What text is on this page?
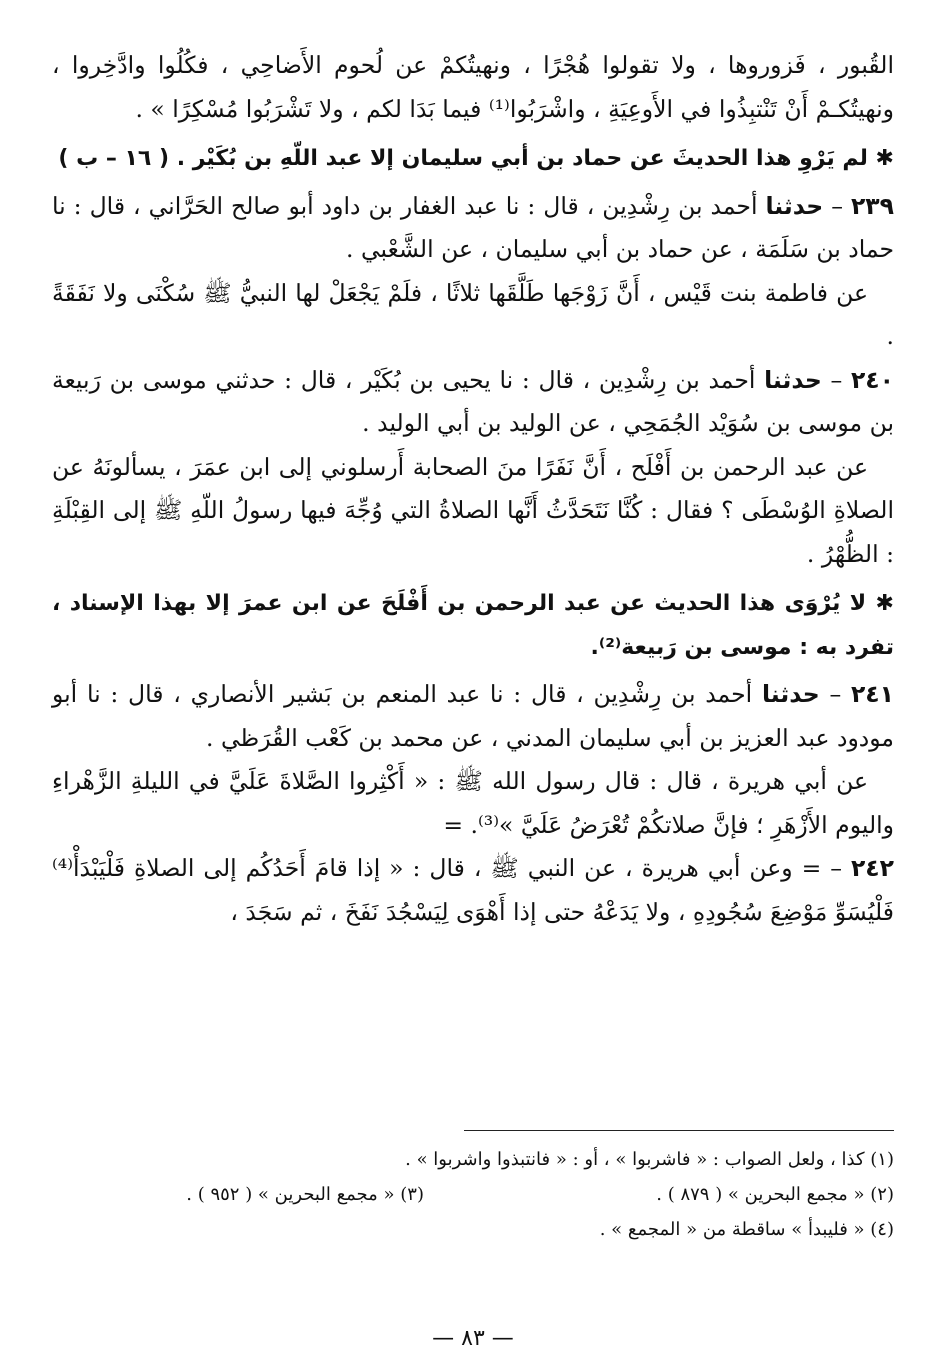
القُبور ، فَزوروها ، ولا تقولوا هُجْرًا ، ونهيتُكمْ عن لُحوم الأَضاحِي ، فكُلُوا وادَّخِروا ، ونهيتُكـمْ أَنْ تَنْتبِذُوا في الأَوعِيَةِ ، واشْرَبُوا⁽¹⁾ فيما بَدَا لكم ، ولا تَشْرَبُوا مُسْكِرًا » .

✱ لم يَرْوِ هذا الحديثَ عن حماد بن أبي سليمان إلا عبد اللّهِ بن بُكَيْر . ( ١٦ – ب )

٢٣٩ – حدثنا أحمد بن رِشْدِين ، قال : نا عبد الغفار بن داود أبو صالح الحَرَّاني ، قال : نا حماد بن سَلَمَة ، عن حماد بن أبي سليمان ، عن الشَّعْبي .

عن فاطمة بنت قَيْس ، أَنَّ زَوْجَها طَلَّقَها ثلاثًا ، فلَمْ يَجْعَلْ لها النبيُّ ﷺ سُكْنَى ولا نَفَقَةً .

٢٤٠ – حدثنا أحمد بن رِشْدِين ، قال : نا يحيى بن بُكَيْر ، قال : حدثني موسى بن رَبيعة بن موسى بن سُوَيْد الجُمَحِي ، عن الوليد بن أبي الوليد .

عن عبد الرحمن بن أَفْلَح ، أَنَّ نَفَرًا منَ الصحابة أَرسلوني إلى ابن عمَرَ ، يسألونَهُ عن الصلاةِ الوُسْطَى ؟ فقال : كُنَّا نَتَحَدَّثُ أَنَّها الصلاةُ التي وُجِّهَ فيها رسولُ اللّهِ ﷺ إلى القِبْلَةِ : الظُّهْرُ .

✱ لا يُرْوَى هذا الحديث عن عبد الرحمن بن أَفْلَحَ عن ابن عمرَ إلا بهذا الإسناد ، تفرد به : موسى بن رَبيعة⁽²⁾.

٢٤١ – حدثنا أحمد بن رِشْدِين ، قال : نا عبد المنعم بن بَشير الأنصاري ، قال : نا أبو مودود عبد العزيز بن أبي سليمان المدني ، عن محمد بن كَعْب القُرَظي .

عن أبي هريرة ، قال : قال رسول الله ﷺ : « أَكْثِروا الصَّلاةَ عَلَيَّ في الليلةِ الزَّهْراءِ واليوم الأَزْهَرِ ؛ فإنَّ صلاتكُمْ تُعْرَضُ عَلَيَّ »⁽³⁾. =

٢٤٢ – = وعن أبي هريرة ، عن النبي ﷺ ، قال : « إذا قامَ أَحَدُكُم إلى الصلاةِ فَلْيَبْدَأْ⁽⁴⁾ فَلْيُسَوِّ مَوْضِعَ سُجُودِهِ ، ولا يَدَعْهُ حتى إذا أَهْوَى لِيَسْجُدَ نَفَخَ ، ثم سَجَدَ ،

(١) كذا ، ولعل الصواب : « فاشربوا » ، أو : « فانتبذوا واشربوا » .
(٢) « مجمع البحرين » ( ٨٧٩ ) .
(٣) « مجمع البحرين » ( ٩٥٢ ) .
(٤) « فليبدأ » ساقطة من « المجمع » .
— ٨٣ —
